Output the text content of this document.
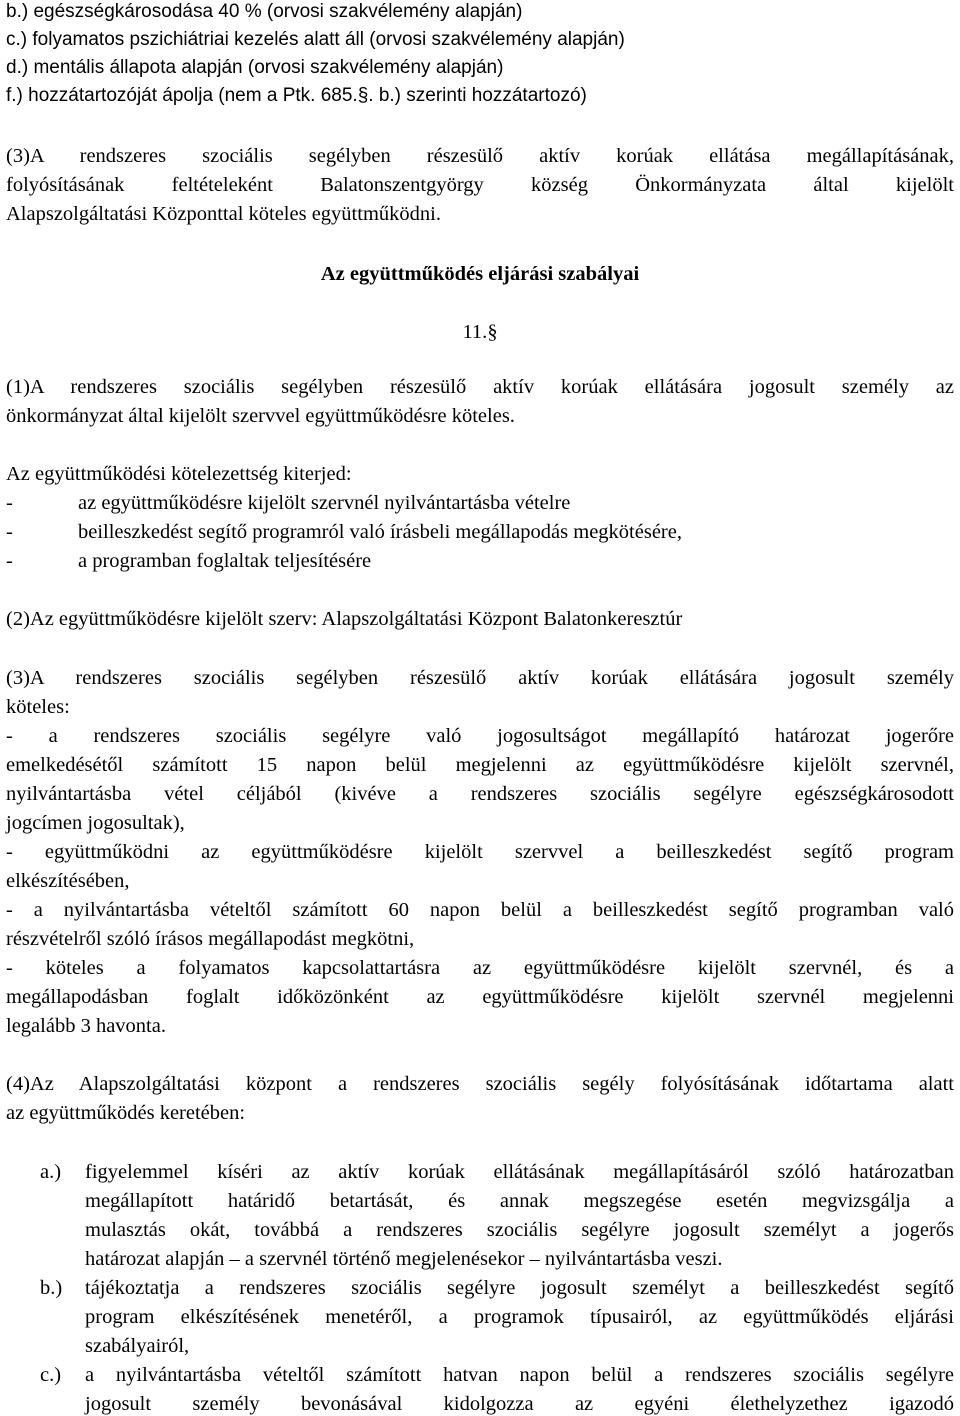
b.) egészségkárosodása 40 % (orvosi szakvélemény alapján)
c.) folyamatos pszichiátriai kezelés alatt áll (orvosi szakvélemény alapján)
d.) mentális állapota alapján (orvosi szakvélemény alapján)
f.) hozzátartozóját ápolja (nem a Ptk. 685.§. b.) szerinti hozzátartozó)
(3)A rendszeres szociális segélyben részesülő aktív korúak ellátása megállapításának,
folyósításának feltételeként Balatonszentgyörgy község Önkormányzata által kijelölt
Alapszolgáltatási Központtal köteles együttműködni.
Az együttműködés eljárási szabályai
11.§
(1)A rendszeres szociális segélyben részesülő aktív korúak ellátására jogosult személy az
önkormányzat által kijelölt szervvel együttműködésre köteles.
Az együttműködési kötelezettség kiterjed:
-	az együttműködésre kijelölt szervnél nyilvántartásba vételre
-	beilleszkedést segítő programról való írásbeli megállapodás megkötésére,
-	a programban foglaltak teljesítésére
(2)Az együttműködésre kijelölt szerv: Alapszolgáltatási Központ Balatonkeresztúr
(3)A rendszeres szociális segélyben részesülő aktív korúak ellátására jogosult személy
köteles:
- a rendszeres szociális segélyre való jogosultságot megállapító határozat jogerőre
emelkedésétől számított 15 napon belül megjelenni az együttműködésre kijelölt szervnél,
nyilvántartásba vétel céljából (kivéve a rendszeres szociális segélyre egészségkárosodott
jogcímen jogosultak),
- együttműködni az együttműködésre kijelölt szervvel a beilleszkedést segítő program
elkészítésében,
- a nyilvántartásba vételtől számított 60 napon belül a beilleszkedést segítő programban való
részvételről szóló írásos megállapodást megkötni,
- köteles a folyamatos kapcsolattartásra az együttműködésre kijelölt szervnél, és a
megállapodásban foglalt időközönként az együttműködésre kijelölt szervnél megjelenni
legalább 3 havonta.
(4)Az Alapszolgáltatási központ a rendszeres szociális segély folyósításának időtartama alatt
az együttműködés keretében:
a.)	figyelemmel kíséri az aktív korúak ellátásának megállapításáról szóló határozatban
megállapított határidő betartását, és annak megszegése esetén megvizsgálja a
mulasztás okát, továbbá a rendszeres szociális segélyre jogosult személyt a jogerős
határozat alapján – a szervnél történő megjelenésekor – nyilvántartásba veszi.
b.)	tájékoztatja a rendszeres szociális segélyre jogosult személyt a beilleszkedést segítő
program elkészítésének menetéről, a programok típusairól, az együttműködés eljárási
szabályairól,
c.)	a nyilvántartásba vételtől számított hatvan napon belül a rendszeres szociális segélyre
jogosult személy bevonásával kidolgozza az egyéni élethelyzethez igazodó
